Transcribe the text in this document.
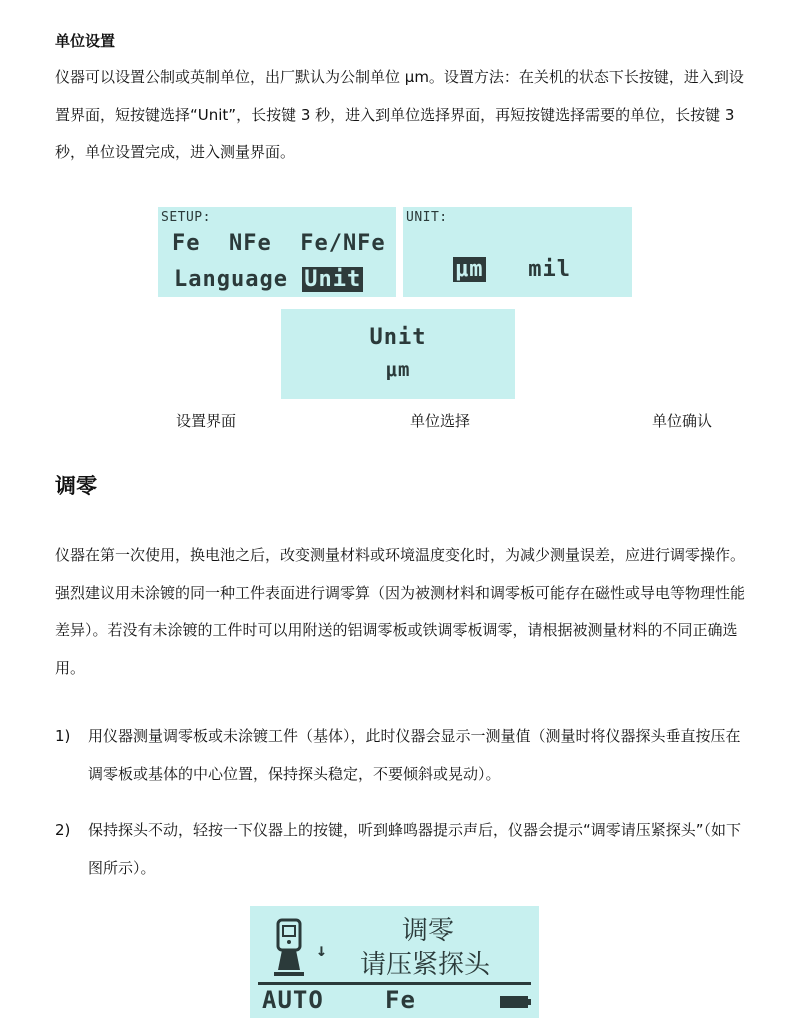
单位设置
仪器可以设置公制或英制单位，出厂默认为公制单位 μm。设置方法：在关机的状态下长按键，进入到设置界面，短按键选择“Unit”，长按键 3 秒，进入到单位选择界面，再短按键选择需要的单位，长按键 3 秒，单位设置完成，进入测量界面。
SETUP:
Fe  NFe  Fe/NFe
Language Unit
UNIT:
μm mil
Unit
μm
设置界面	单位选择	单位确认
调零
仪器在第一次使用，换电池之后，改变测量材料或环境温度变化时，为减少测量误差，应进行调零操作。强烈建议用未涂镀的同一种工件表面进行调零算（因为被测材料和调零板可能存在磁性或导电等物理性能差异）。若没有未涂镀的工件时可以用附送的铝调零板或铁调零板调零，请根据被测量材料的不同正确选用。
1) 用仪器测量调零板或未涂镀工件（基体），此时仪器会显示一测量值（测量时将仪器探头垂直按压在调零板或基体的中心位置，保持探头稳定，不要倾斜或晃动）。
2) 保持探头不动，轻按一下仪器上的按键，听到蜂鸣器提示声后，仪器会提示“调零请压紧探头”（如下图所示）。
↓
调零
请压紧探头
AUTO	Fe
